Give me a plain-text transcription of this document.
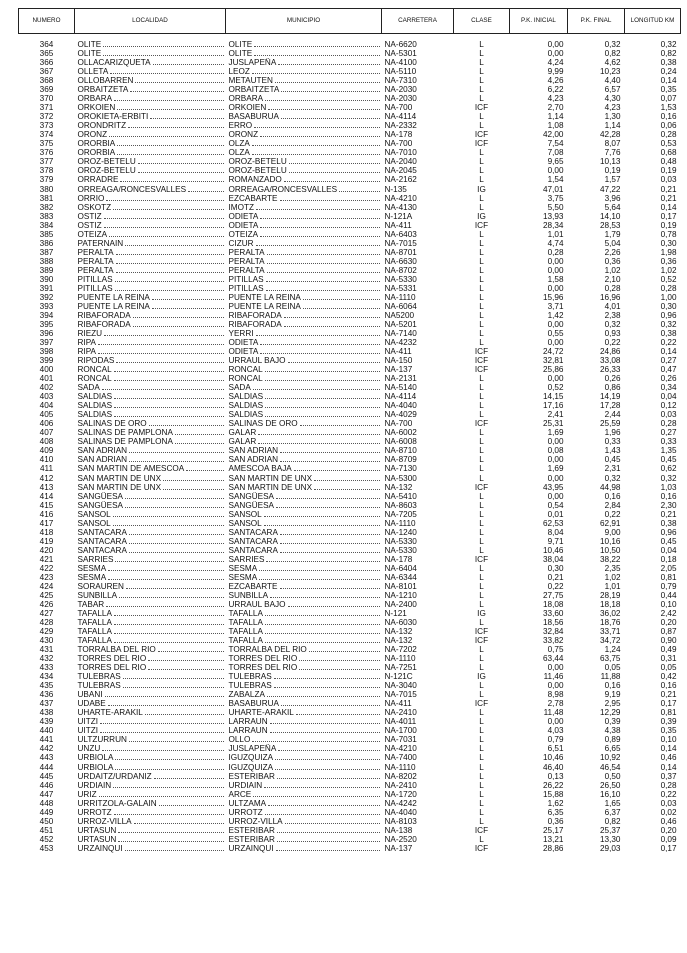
NUMERO	LOCALIDAD	MUNICIPIO	CARRETERA	CLASE	P.K. INICIAL	P.K. FINAL	LONGITUD KM

364	OLITE	OLITE	NA-6620	L	0,00	0,32	0,32
365	OLITE	OLITE	NA-5301	L	0,00	0,82	0,82
366	OLLACARIZQUETA	JUSLAPEÑA	NA-4100	L	4,24	4,62	0,38
367	OLLETA	LEOZ	NA-5110	L	9,99	10,23	0,24
368	OLLOBARREN	METAUTEN	NA-7310	L	4,26	4,40	0,14
369	ORBAITZETA	ORBAITZETA	NA-2030	L	6,22	6,57	0,35
370	ORBARA	ORBARA	NA-2030	L	4,23	4,30	0,07
371	ORKOIEN	ORKOIEN	NA-700	ICF	2,70	4,23	1,53
372	OROKIETA-ERBITI	BASABURUA	NA-4114	L	1,14	1,30	0,16
373	ORONDRITZ	ERRO	NA-2332	L	1,08	1,14	0,06
374	ORONZ	ORONZ	NA-178	ICF	42,00	42,28	0,28
375	ORORBIA	OLZA	NA-700	ICF	7,54	8,07	0,53
376	ORORBIA	OLZA	NA-7010	L	7,08	7,76	0,68
377	OROZ-BETELU	OROZ-BETELU	NA-2040	L	9,65	10,13	0,48
378	OROZ-BETELU	OROZ-BETELU	NA-2045	L	0,00	0,19	0,19
379	ORRADRE	ROMANZADO	NA-2162	L	1,54	1,57	0,03
380	ORREAGA/RONCESVALLES	ORREAGA/RONCESVALLES	N-135	IG	47,01	47,22	0,21
381	ORRIO	EZCABARTE	NA-4210	L	3,75	3,96	0,21
382	OSKOTZ	IMOTZ	NA-4130	L	5,50	5,64	0,14
383	OSTIZ	ODIETA	N-121A	IG	13,93	14,10	0,17
384	OSTIZ	ODIETA	NA-411	ICF	28,34	28,53	0,19
385	OTEIZA	OTEIZA	NA-6403	L	1,01	1,79	0,78
386	PATERNAIN	CIZUR	NA-7015	L	4,74	5,04	0,30
387	PERALTA	PERALTA	NA-8701	L	0,28	2,26	1,98
388	PERALTA	PERALTA	NA-6630	L	0,00	0,36	0,36
389	PERALTA	PERALTA	NA-8702	L	0,00	1,02	1,02
390	PITILLAS	PITILLAS	NA-5330	L	1,58	2,10	0,52
391	PITILLAS	PITILLAS	NA-5331	L	0,00	0,28	0,28
392	PUENTE LA REINA	PUENTE LA REINA	NA-1110	L	15,96	16,96	1,00
393	PUENTE LA REINA	PUENTE LA REINA	NA-6064	L	3,71	4,01	0,30
394	RIBAFORADA	RIBAFORADA	NA5200	L	1,42	2,38	0,96
395	RIBAFORADA	RIBAFORADA	NA-5201	L	0,00	0,32	0,32
396	RIEZU	YERRI	NA-7140	L	0,55	0,93	0,38
397	RIPA	ODIETA	NA-4232	L	0,00	0,22	0,22
398	RIPA	ODIETA	NA-411	ICF	24,72	24,86	0,14
399	RIPODAS	URRAUL BAJO	NA-150	ICF	32,81	33,08	0,27
400	RONCAL	RONCAL	NA-137	ICF	25,86	26,33	0,47
401	RONCAL	RONCAL	NA-2131	L	0,00	0,26	0,26
402	SADA	SADA	NA-5140	L	0,52	0,86	0,34
403	SALDIAS	SALDIAS	NA-4114	L	14,15	14,19	0,04
404	SALDIAS	SALDIAS	NA-4040	L	17,16	17,28	0,12
405	SALDIAS	SALDIAS	NA-4029	L	2,41	2,44	0,03
406	SALINAS DE ORO	SALINAS DE ORO	NA-700	ICF	25,31	25,59	0,28
407	SALINAS DE PAMPLONA	GALAR	NA-6002	L	1,69	1,96	0,27
408	SALINAS DE PAMPLONA	GALAR	NA-6008	L	0,00	0,33	0,33
409	SAN ADRIAN	SAN ADRIAN	NA-8710	L	0,08	1,43	1,35
410	SAN ADRIAN	SAN ADRIAN	NA-8709	L	0,00	0,45	0,45
411	SAN MARTIN DE AMESCOA	AMESCOA BAJA	NA-7130	L	1,69	2,31	0,62
412	SAN MARTIN DE UNX	SAN MARTIN DE UNX	NA-5300	L	0,00	0,32	0,32
413	SAN MARTIN DE UNX	SAN MARTIN DE UNX	NA-132	ICF	43,95	44,98	1,03
414	SANGÜESA	SANGÜESA	NA-5410	L	0,00	0,16	0,16
415	SANGÜESA	SANGÜESA	NA-8603	L	0,54	2,84	2,30
416	SANSOL	SANSOL	NA-7205	L	0,01	0,22	0,21
417	SANSOL	SANSOL	NA-1110	L	62,53	62,91	0,38
418	SANTACARA	SANTACARA	NA-1240	L	8,04	9,00	0,96
419	SANTACARA	SANTACARA	NA-5330	L	9,71	10,16	0,45
420	SANTACARA	SANTACARA	NA-5330	L	10,46	10,50	0,04
421	SARRIES	SARRIES	NA-178	ICF	38,04	38,22	0,18
422	SESMA	SESMA	NA-6404	L	0,30	2,35	2,05
423	SESMA	SESMA	NA-6344	L	0,21	1,02	0,81
424	SORAUREN	EZCABARTE	NA-8101	L	0,22	1,01	0,79
425	SUNBILLA	SUNBILLA	NA-1210	L	27,75	28,19	0,44
426	TABAR	URRAUL BAJO	NA-2400	L	18,08	18,18	0,10
427	TAFALLA	TAFALLA	N-121	IG	33,60	36,02	2,42
428	TAFALLA	TAFALLA	NA-6030	L	18,56	18,76	0,20
429	TAFALLA	TAFALLA	NA-132	ICF	32,84	33,71	0,87
430	TAFALLA	TAFALLA	NA-132	ICF	33,82	34,72	0,90
431	TORRALBA DEL RIO	TORRALBA DEL RIO	NA-7202	L	0,75	1,24	0,49
432	TORRES DEL RIO	TORRES DEL RIO	NA-1110	L	63,44	63,75	0,31
433	TORRES DEL RIO	TORRES DEL RIO	NA-7251	L	0,00	0,05	0,05
434	TULEBRAS	TULEBRAS	N-121C	IG	11,46	11,88	0,42
435	TULEBRAS	TULEBRAS	NA-3040	L	0,00	0,16	0,16
436	UBANI	ZABALZA	NA-7015	L	8,98	9,19	0,21
437	UDABE	BASABURUA	NA-411	ICF	2,78	2,95	0,17
438	UHARTE-ARAKIL	UHARTE-ARAKIL	NA-2410	L	11,48	12,29	0,81
439	UITZI	LARRAUN	NA-4011	L	0,00	0,39	0,39
440	UITZI	LARRAUN	NA-1700	L	4,03	4,38	0,35
441	ULTZURRUN	OLLO	NA-7031	L	0,79	0,89	0,10
442	UNZU	JUSLAPEÑA	NA-4210	L	6,51	6,65	0,14
443	URBIOLA	IGUZQUIZA	NA-7400	L	10,46	10,92	0,46
444	URBIOLA	IGUZQUIZA	NA-1110	L	46,40	46,54	0,14
445	URDAITZ/URDANIZ	ESTERIBAR	NA-8202	L	0,13	0,50	0,37
446	URDIAIN	URDIAIN	NA-2410	L	26,22	26,50	0,28
447	URIZ	ARCE	NA-1720	L	15,88	16,10	0,22
448	URRITZOLA-GALAIN	ULTZAMA	NA-4242	L	1,62	1,65	0,03
449	URROTZ	URROTZ	NA-4040	L	6,35	6,37	0,02
450	URROZ-VILLA	URROZ-VILLA	NA-8103	L	0,36	0,82	0,46
451	URTASUN	ESTERIBAR	NA-138	ICF	25,17	25,37	0,20
452	URTASUN	ESTERIBAR	NA-2520	L	13,21	13,30	0,09
453	URZAINQUI	URZAINQUI	NA-137	ICF	28,86	29,03	0,17
